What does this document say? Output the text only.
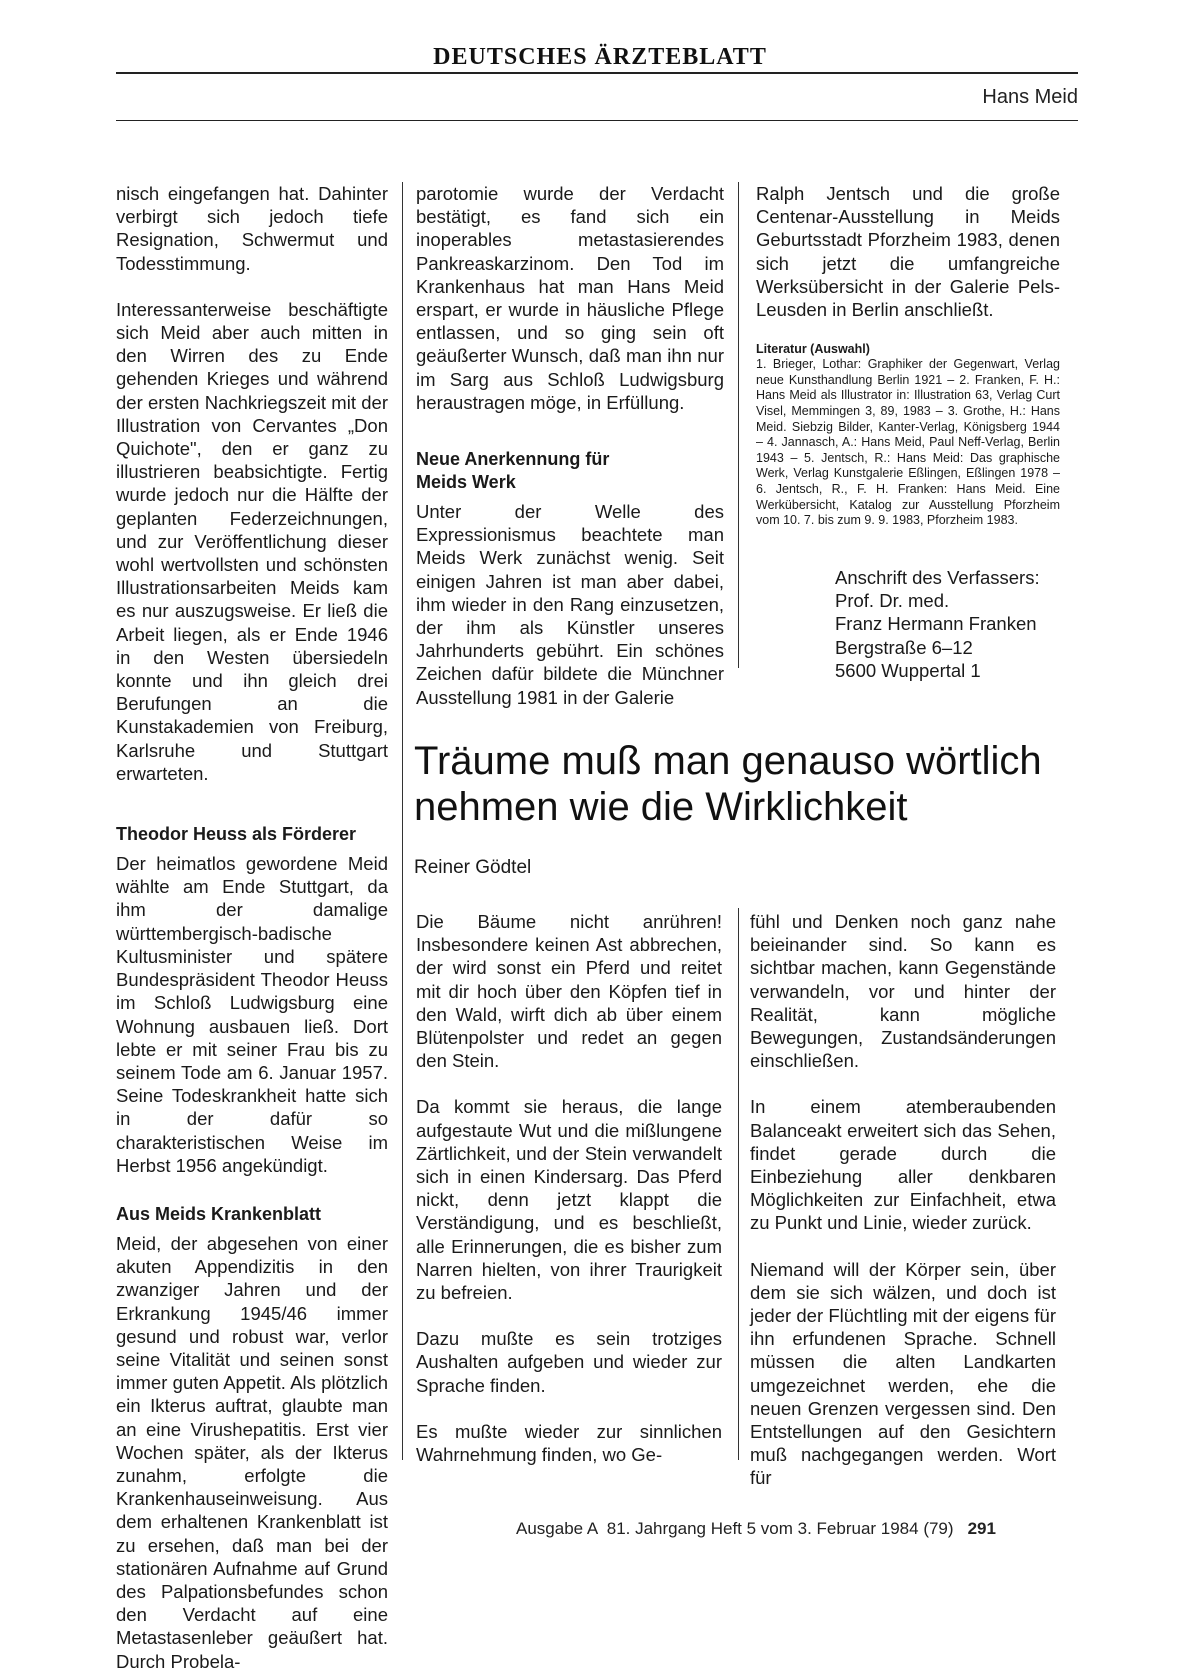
DEUTSCHES ÄRZTEBLATT
Hans Meid

nisch eingefangen hat. Dahinter verbirgt sich jedoch tiefe Resignation, Schwermut und Todesstimmung.

Interessanterweise beschäftigte sich Meid aber auch mitten in den Wirren des zu Ende gehenden Krieges und während der ersten Nachkriegszeit mit der Illustration von Cervantes „Don Quichote", den er ganz zu illustrieren beabsichtigte. Fertig wurde jedoch nur die Hälfte der geplanten Federzeichnungen, und zur Veröffentlichung dieser wohl wertvollsten und schönsten Illustrationsarbeiten Meids kam es nur auszugsweise. Er ließ die Arbeit liegen, als er Ende 1946 in den Westen übersiedeln konnte und ihn gleich drei Berufungen an die Kunstakademien von Freiburg, Karlsruhe und Stuttgart erwarteten.

Theodor Heuss als Förderer

Der heimatlos gewordene Meid wählte am Ende Stuttgart, da ihm der damalige württembergisch-badische Kultusminister und spätere Bundespräsident Theodor Heuss im Schloß Ludwigsburg eine Wohnung ausbauen ließ. Dort lebte er mit seiner Frau bis zu seinem Tode am 6. Januar 1957. Seine Todeskrankheit hatte sich in der dafür so charakteristischen Weise im Herbst 1956 angekündigt.

Aus Meids Krankenblatt

Meid, der abgesehen von einer akuten Appendizitis in den zwanziger Jahren und der Erkrankung 1945/46 immer gesund und robust war, verlor seine Vitalität und seinen sonst immer guten Appetit. Als plötzlich ein Ikterus auftrat, glaubte man an eine Virushepatitis. Erst vier Wochen später, als der Ikterus zunahm, erfolgte die Krankenhauseinweisung. Aus dem erhaltenen Krankenblatt ist zu ersehen, daß man bei der stationären Aufnahme auf Grund des Palpationsbefundes schon den Verdacht auf eine Metastasenleber geäußert hat. Durch Probela-

parotomie wurde der Verdacht bestätigt, es fand sich ein inoperables metastasierendes Pankreaskarzinom. Den Tod im Krankenhaus hat man Hans Meid erspart, er wurde in häusliche Pflege entlassen, und so ging sein oft geäußerter Wunsch, daß man ihn nur im Sarg aus Schloß Ludwigsburg heraustragen möge, in Erfüllung.

Neue Anerkennung für Meids Werk

Unter der Welle des Expressionismus beachtete man Meids Werk zunächst wenig. Seit einigen Jahren ist man aber dabei, ihm wieder in den Rang einzusetzen, der ihm als Künstler unseres Jahrhunderts gebührt. Ein schönes Zeichen dafür bildete die Münchner Ausstellung 1981 in der Galerie

Ralph Jentsch und die große Centenar-Ausstellung in Meids Geburtsstadt Pforzheim 1983, denen sich jetzt die umfangreiche Werksübersicht in der Galerie Pels-Leusden in Berlin anschließt.

Literatur (Auswahl)

1. Brieger, Lothar: Graphiker der Gegenwart, Verlag neue Kunsthandlung Berlin 1921 – 2. Franken, F. H.: Hans Meid als Illustrator in: Illustration 63, Verlag Curt Visel, Memmingen 3, 89, 1983 – 3. Grothe, H.: Hans Meid. Siebzig Bilder, Kanter-Verlag, Königsberg 1944 – 4. Jannasch, A.: Hans Meid, Paul Neff-Verlag, Berlin 1943 – 5. Jentsch, R.: Hans Meid: Das graphische Werk, Verlag Kunstgalerie Eßlingen, Eßlingen 1978 – 6. Jentsch, R., F. H. Franken: Hans Meid. Eine Werkübersicht, Katalog zur Ausstellung Pforzheim vom 10. 7. bis zum 9. 9. 1983, Pforzheim 1983.

Anschrift des Verfassers:
Prof. Dr. med.
Franz Hermann Franken
Bergstraße 6–12
5600 Wuppertal 1
Träume muß man genauso wörtlich
nehmen wie die Wirklichkeit
Reiner Gödtel

Die Bäume nicht anrühren! Insbesondere keinen Ast abbrechen, der wird sonst ein Pferd und reitet mit dir hoch über den Köpfen tief in den Wald, wirft dich ab über einem Blütenpolster und redet an gegen den Stein.

Da kommt sie heraus, die lange aufgestaute Wut und die mißlungene Zärtlichkeit, und der Stein verwandelt sich in einen Kindersarg. Das Pferd nickt, denn jetzt klappt die Verständigung, und es beschließt, alle Erinnerungen, die es bisher zum Narren hielten, von ihrer Traurigkeit zu befreien.

Dazu mußte es sein trotziges Aushalten aufgeben und wieder zur Sprache finden.

Es mußte wieder zur sinnlichen Wahrnehmung finden, wo Ge-

fühl und Denken noch ganz nahe beieinander sind. So kann es sichtbar machen, kann Gegenstände verwandeln, vor und hinter der Realität, kann mögliche Bewegungen, Zustandsänderungen einschließen.

In einem atemberaubenden Balanceakt erweitert sich das Sehen, findet gerade durch die Einbeziehung aller denkbaren Möglichkeiten zur Einfachheit, etwa zu Punkt und Linie, wieder zurück.

Niemand will der Körper sein, über dem sie sich wälzen, und doch ist jeder der Flüchtling mit der eigens für ihn erfundenen Sprache. Schnell müssen die alten Landkarten umgezeichnet werden, ehe die neuen Grenzen vergessen sind. Den Entstellungen auf den Gesichtern muß nachgegangen werden. Wort für

Ausgabe A  81. Jahrgang Heft 5 vom 3. Februar 1984 (79) 291
